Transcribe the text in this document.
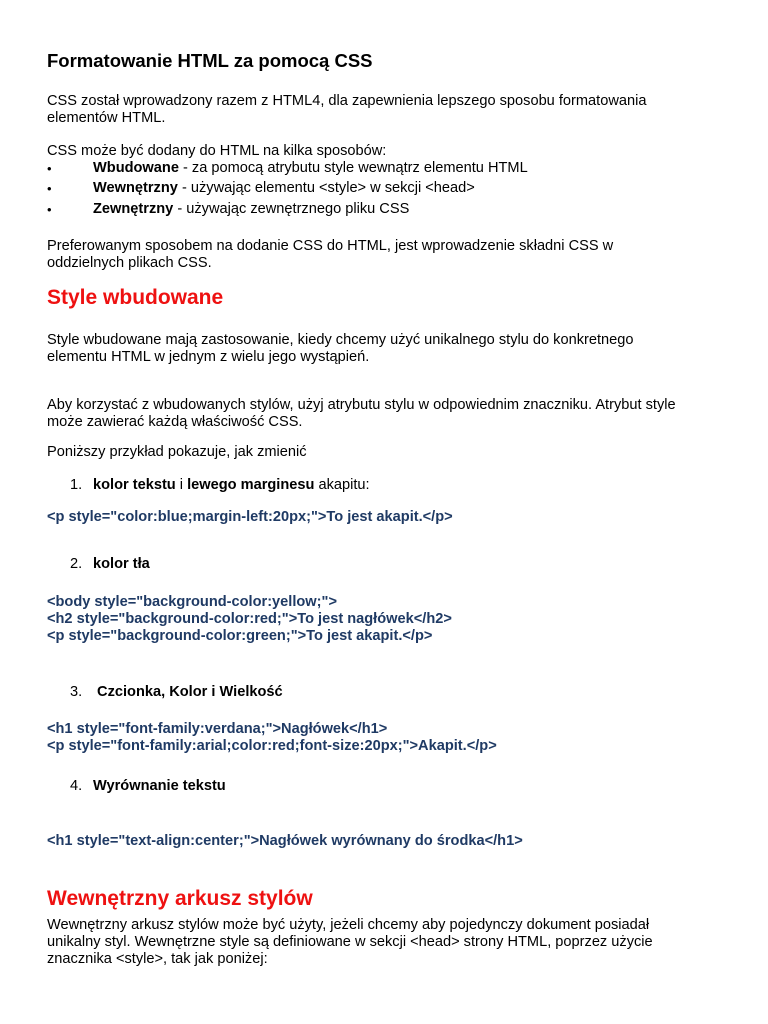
Formatowanie HTML za pomocą CSS
CSS został wprowadzony razem z HTML4, dla zapewnienia lepszego sposobu formatowania
elementów HTML.
CSS może być dodany do HTML na kilka sposobów:
•	Wbudowane - za pomocą atrybutu style wewnątrz elementu HTML
•	Wewnętrzny - używając elementu <style> w sekcji <head>
•	Zewnętrzny - używając zewnętrznego pliku CSS
Preferowanym sposobem na dodanie CSS do HTML, jest wprowadzenie składni CSS w
oddzielnych plikach CSS.
Style wbudowane
Style wbudowane mają zastosowanie, kiedy chcemy użyć unikalnego stylu do konkretnego
elementu HTML w jednym z wielu jego wystąpień.
Aby korzystać z wbudowanych stylów, użyj atrybutu stylu w odpowiednim znaczniku. Atrybut style
może zawierać każdą właściwość CSS.
Poniższy przykład pokazuje, jak zmienić
1. kolor tekstu i lewego marginesu akapitu:
<p style="color:blue;margin-left:20px;">To jest akapit.</p>
2. kolor tła
<body style="background-color:yellow;">
<h2 style="background-color:red;">To jest nagłówek</h2>
<p style="background-color:green;">To jest akapit.</p>
3. Czcionka, Kolor i Wielkość
<h1 style="font-family:verdana;">Nagłówek</h1>
<p style="font-family:arial;color:red;font-size:20px;">Akapit.</p>
4. Wyrównanie tekstu
<h1 style="text-align:center;">Nagłówek wyrównany do środka</h1>
Wewnętrzny arkusz stylów
Wewnętrzny arkusz stylów może być użyty, jeżeli chcemy aby pojedynczy dokument posiadał
unikalny styl. Wewnętrzne style są definiowane w sekcji <head> strony HTML, poprzez użycie
znacznika <style>, tak jak poniżej:
